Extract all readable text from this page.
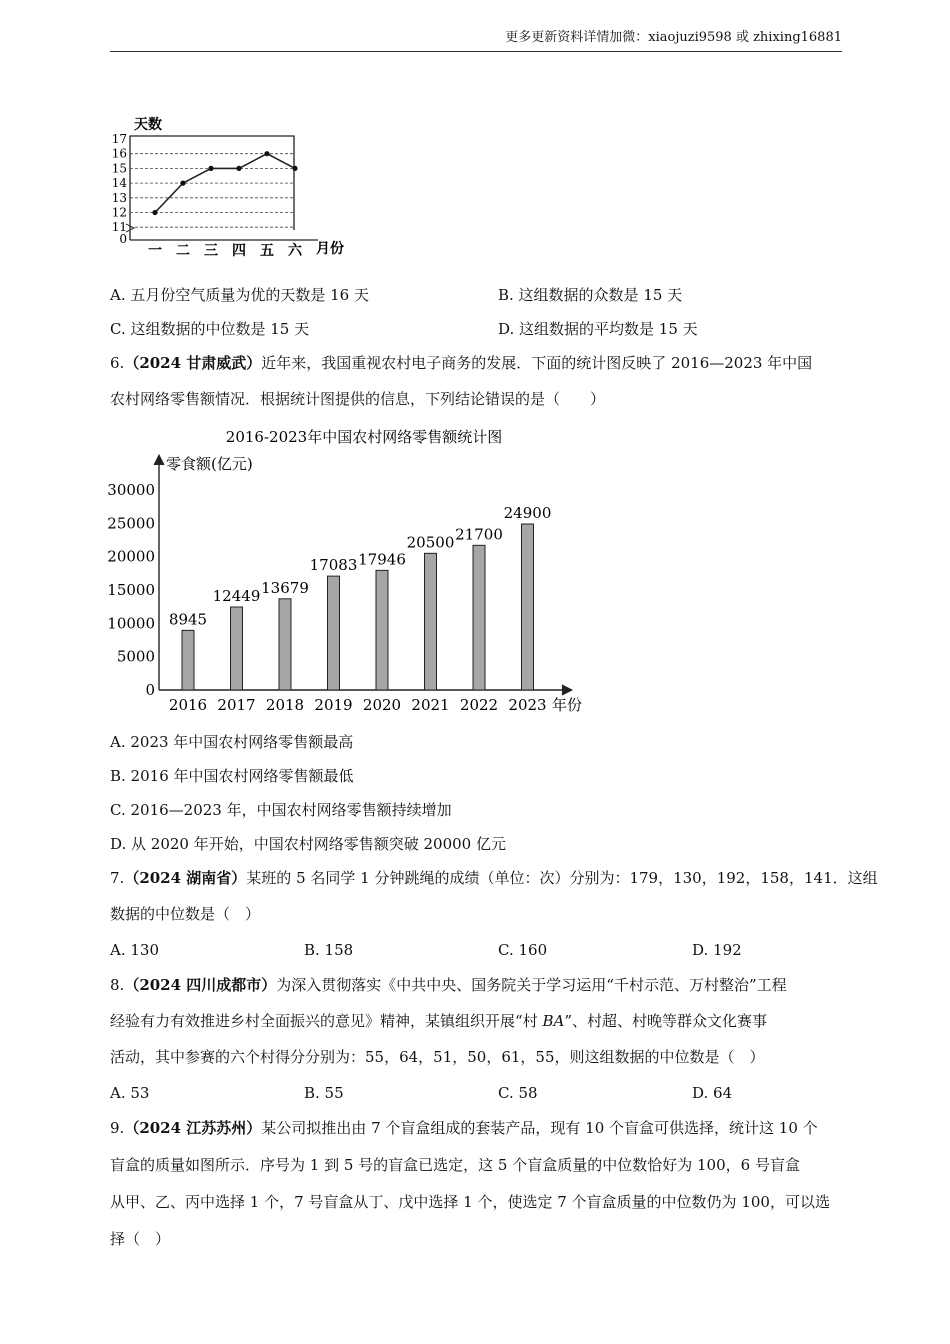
更多更新资料详情加微：xiaojuzi9598 或 zhixing16881
天数
17
16
15
14
13
12
11
0
一 二 三 四 五 六 月份
A. 五月份空气质量为优的天数是 16 天	B. 这组数据的众数是 15 天
C. 这组数据的中位数是 15 天	D. 这组数据的平均数是 15 天
6.（2024 甘肃威武）近年来，我国重视农村电子商务的发展．下面的统计图反映了 2016—2023 年中国
农村网络零售额情况．根据统计图提供的信息，下列结论错误的是（　　）
2016-2023年中国农村网络零售额统计图
零食额(亿元)
0
5000
10000
15000
20000
25000
30000
8945
12449 13679
17083 17946
20500 21700
24900
2016 2017 2018 2019 2020 2021 2022 2023 年份
A. 2023 年中国农村网络零售额最高
B. 2016 年中国农村网络零售额最低
C. 2016—2023 年，中国农村网络零售额持续增加
D. 从 2020 年开始，中国农村网络零售额突破 20000 亿元
7.（2024 湖南省）某班的 5 名同学 1 分钟跳绳的成绩（单位：次）分别为：179，130，192，158，141．这组
数据的中位数是（　）
A. 130	B. 158	C. 160	D. 192
8.（2024 四川成都市）为深入贯彻落实《中共中央、国务院关于学习运用“千村示范、万村整治”工程
经验有力有效推进乡村全面振兴的意见》精神，某镇组织开展“村 BA”、村超、村晚等群众文化赛事
活动，其中参赛的六个村得分分别为：55，64，51，50，61，55，则这组数据的中位数是（　）
A. 53	B. 55	C. 58	D. 64
9.（2024 江苏苏州）某公司拟推出由 7 个盲盒组成的套装产品，现有 10 个盲盒可供选择，统计这 10 个
盲盒的质量如图所示．序号为 1 到 5 号的盲盒已选定，这 5 个盲盒质量的中位数恰好为 100，6 号盲盒
从甲、乙、丙中选择 1 个，7 号盲盒从丁、戊中选择 1 个，使选定 7 个盲盒质量的中位数仍为 100，可以选
择（　）
